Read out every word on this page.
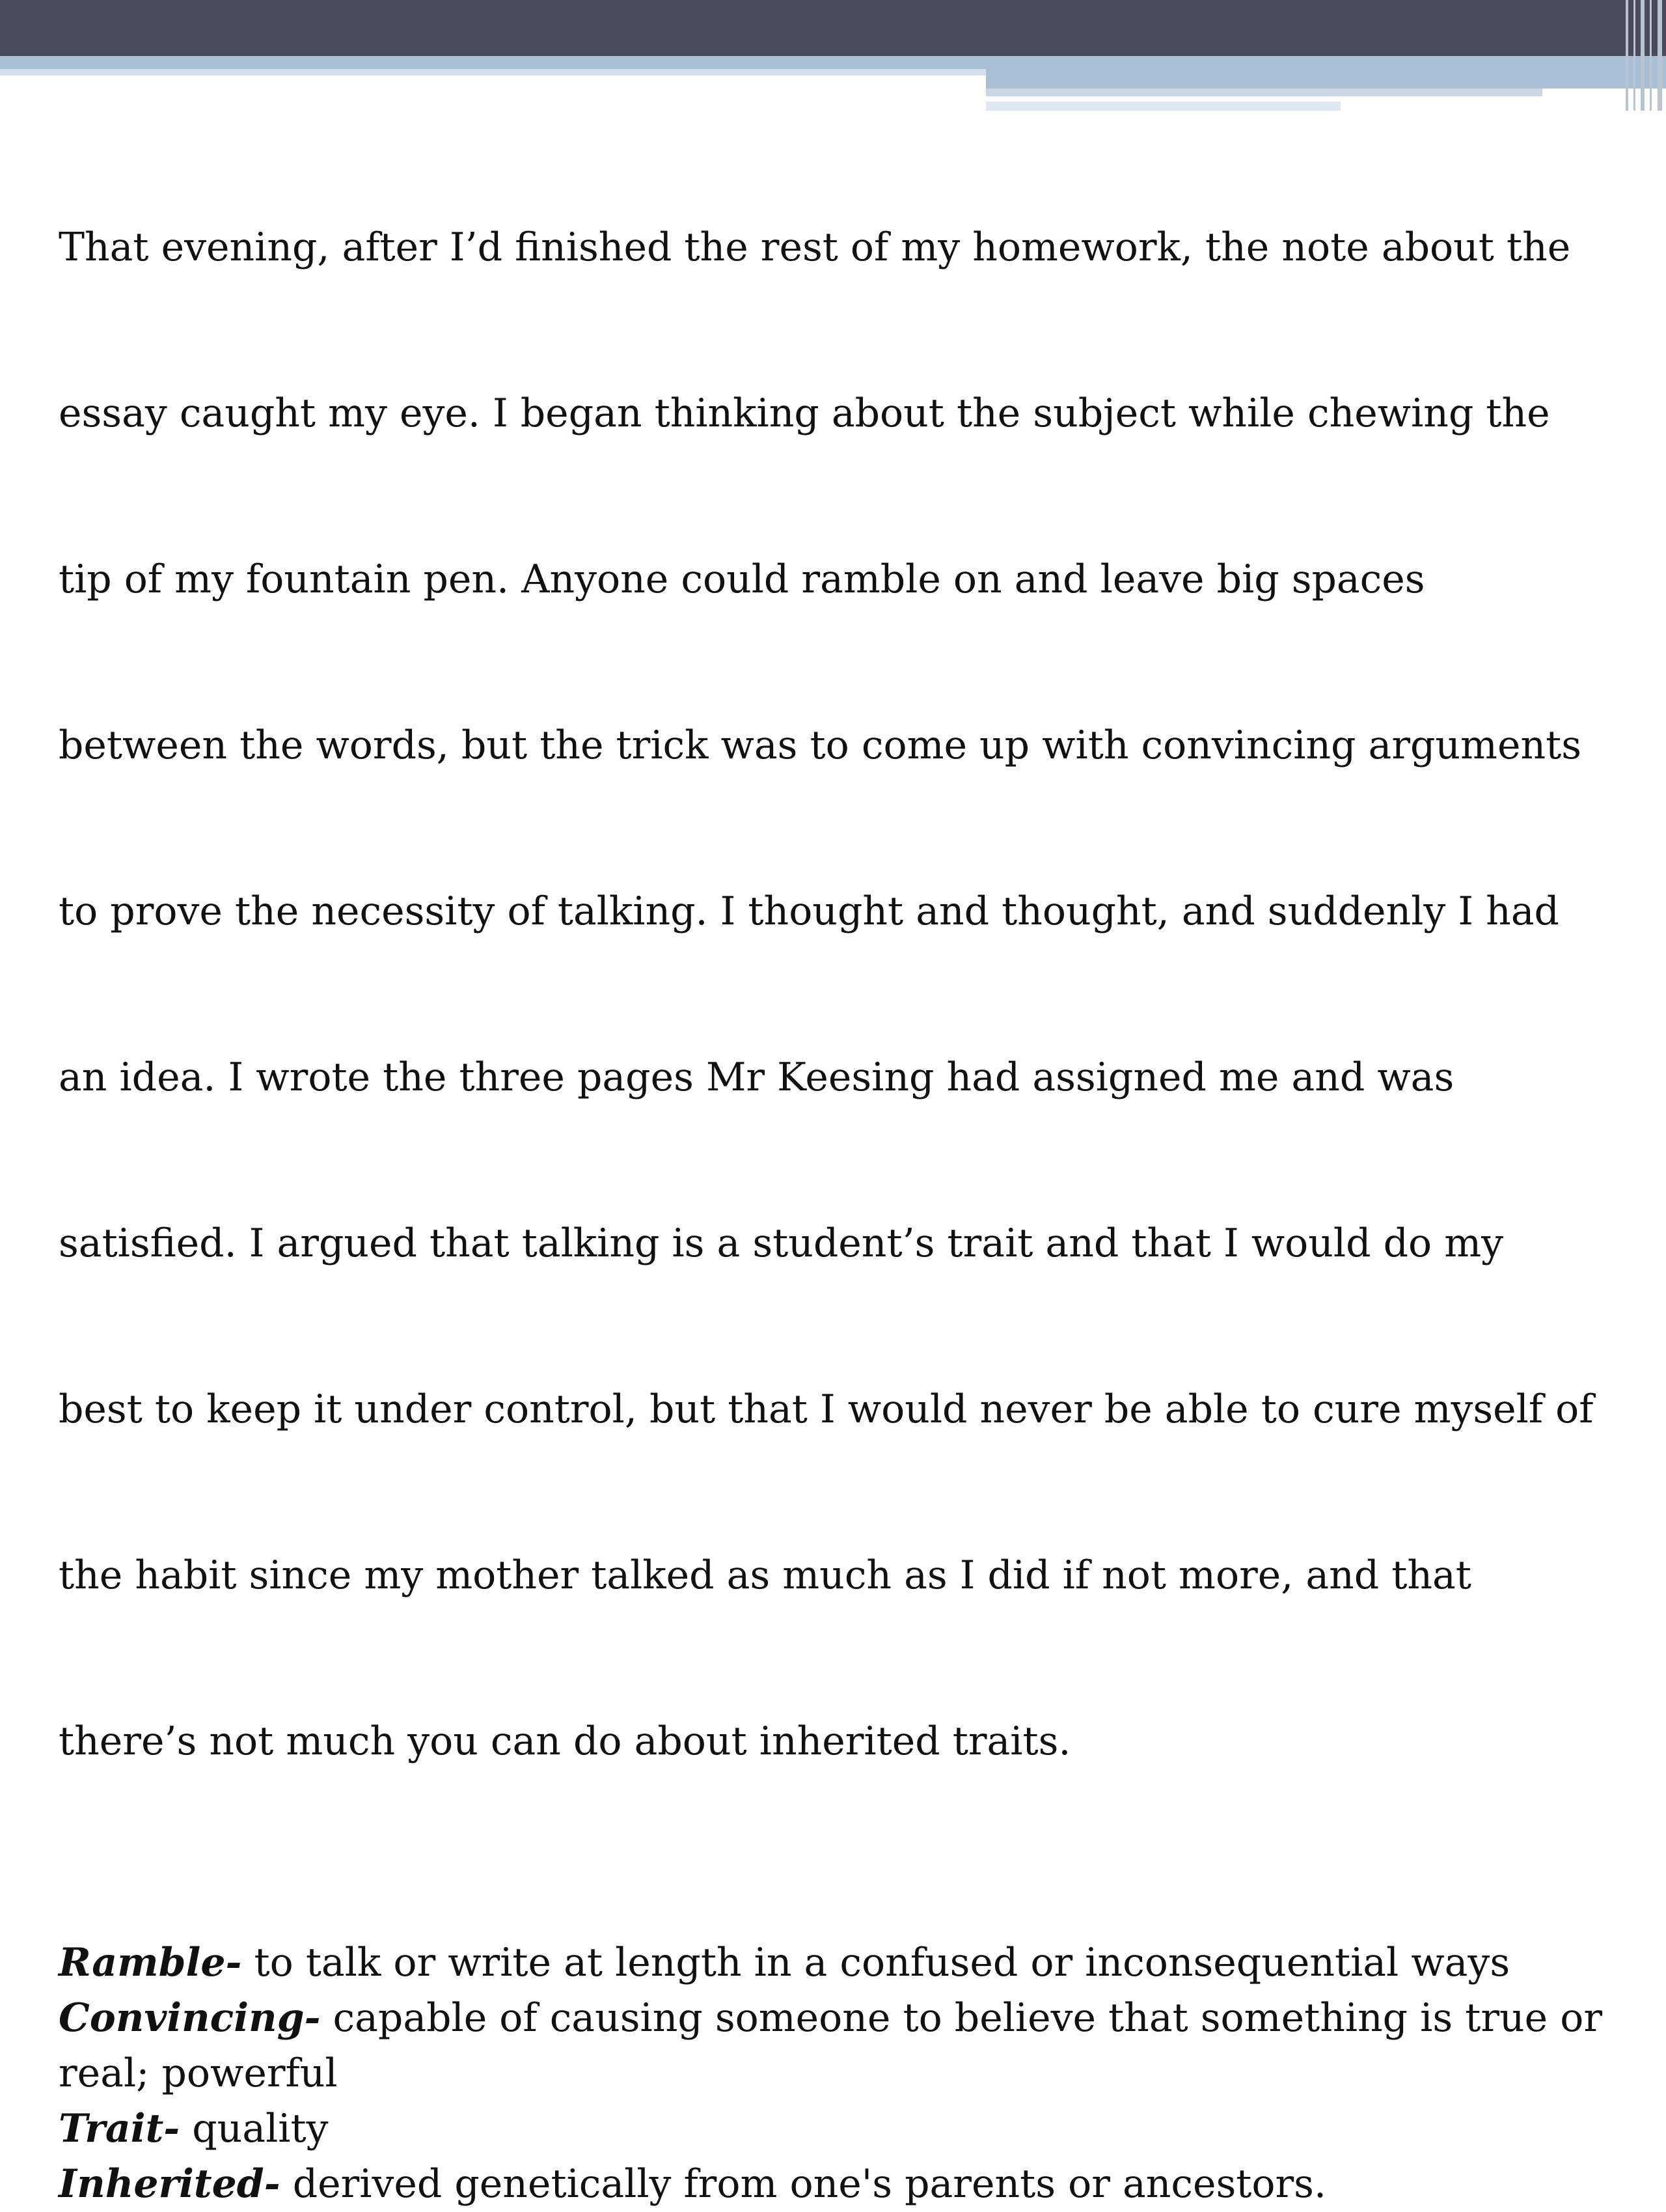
That evening, after I’d finished the rest of my homework, the note about the

essay caught my eye. I began thinking about the subject while chewing the

tip of my fountain pen. Anyone could ramble on and leave big spaces

between the words, but the trick was to come up with convincing arguments

to prove the necessity of talking. I thought and thought, and suddenly I had

an idea. I wrote the three pages Mr Keesing had assigned me and was

satisfied. I argued that talking is a student’s trait and that I would do my

best to keep it under control, but that I would never be able to cure myself of

the habit since my mother talked as much as I did if not more, and that

there’s not much you can do about inherited traits.

Ramble- to talk or write at length in a confused or inconsequential ways
Convincing- capable of causing someone to believe that something is true or real; powerful
Trait- quality
Inherited- derived genetically from one's parents or ancestors.
